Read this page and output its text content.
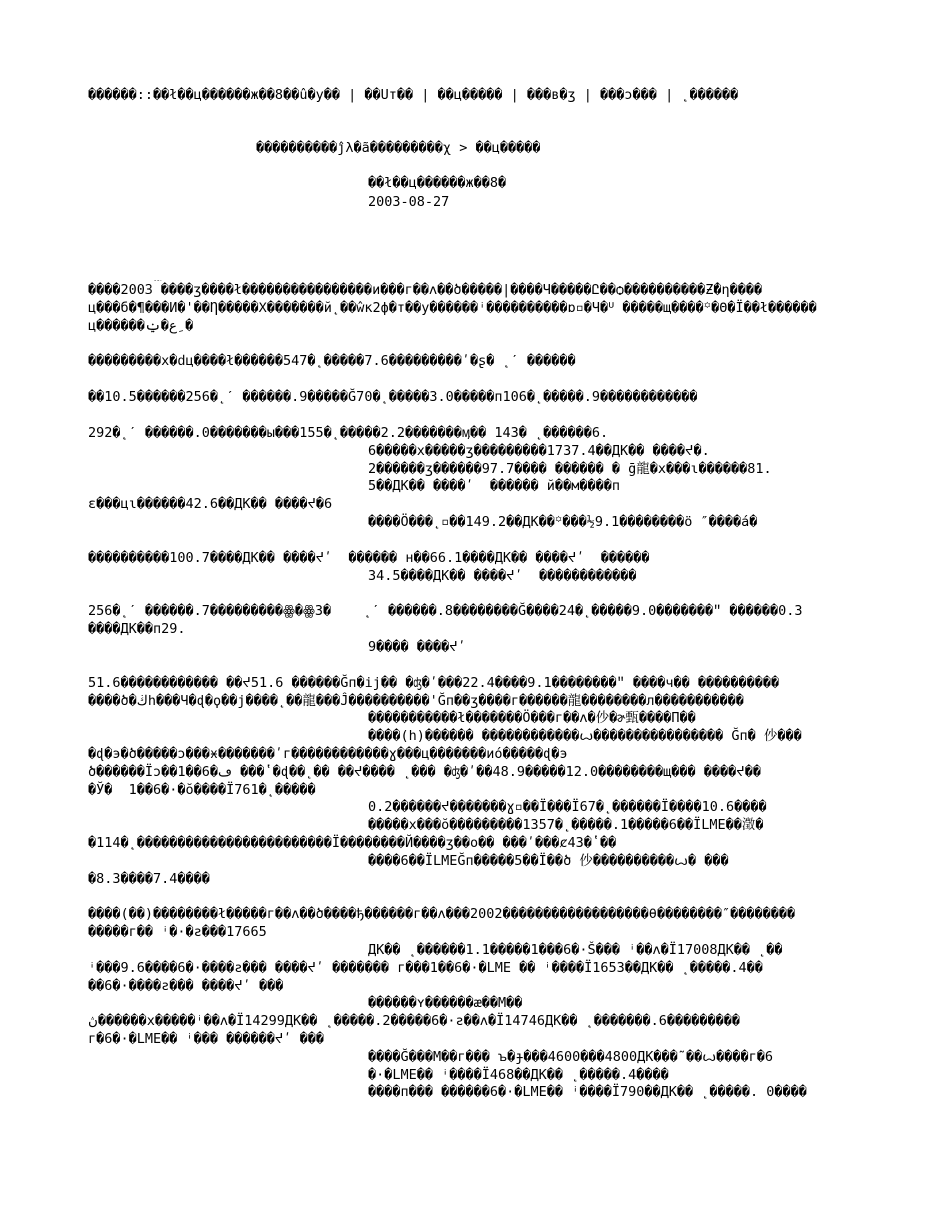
������::��ł��ц������ж��8��û�у�� | ��Uт�� | ��ц����� | ���в�ʒ | ���ɔ��� | ˛������
����������ĵλ�ã���������χ > ��ц�����
��ł��ц������ж��8�
2003-08-27
����2003ᢆ ����ʒ����ł����������������и���г��ʌ��ծ�����|����Ч�����Ը��ѻ����������Ƶ̓�ƞ����
ц���б�¶���И�'��Ƞ�����Χ�������й˛��ŵк2ф�т��у������ꜞ����������ɒ▫�Ч�ᓑ �����щ����꙳�Θ�Ї��ł������
ц������ع�ݔ ِ�
���������х�ԁц����ł������547�˛�����7.6���������ʹ�ʂ� ˛ˊ ������
��10.5������256�˛ˊ ������.9�����Ğ70�˛�����3.0�����п106�˛�����.9������������
292�˛ˊ ������.0�������ы���155�˛�����2.2�������ӎ�� 143� ˛������6.
6�����х�����ʒ���������1737.4��ДК�� ����ᔪ�.
2������ʒ������97.7���� ������ � ḡ龍�х���ɩ������81.
5��ДК�� ����ʹ  ������ й��м����п
ɛ���цɩ������42.6��ДК�� ����ᔪ�6
����Ö���˛▫��149.2��ДК��꙳���½9.1��������ö ″����á�
����������100.7����ДК�� ����ᔪʹ  ������ н��66.1����ДК�� ����ᔪʹ  ������
34.5����ДК�� ����ᔪʹ  ������������
256�˛ˊ ������.7���������ꙮ�ꙮ3�    ˛ˊ ������.8��������Ğ����24�˛�����9.0�������ʺ ������0.3
����ДК��п29.
9���� ����ᔪʹ
51.6������������ ��ᔪ51.6 ������Ğп�ij�� �ʤ�ʹ���22.4����9.1��������ʺ ����ч�� ����������
����ծ�ڬh���Ч�ɖ�ϙ��j����˛��龍���Ĵ����������ꞌĞп��ʒ����г������龍��������л�����������
�����������ł�������Ö���г��ʌ�仯�ɚ甄����П��
����(h)������ ������������ꙍ���������������� Ğп� 仯���
�ɖ�э�ծ�����ɔ���ӿ�������ʹг������������ɣ���ц�������иό�����ɖ�э
ծ������Їɔ��1��6�ڡ ���ʽ�ɖ��˛�� ��ᔪ���� ˛��� �ʤ�ʹ��48.9�����12.0��������щ��� ����ᔪ��
�Ў�  1��6�·�ŏ����Ї761�˛�����
0.2������ᔪ�������ɣ▫��Ї���Ї67�˛������Ї����10.6����
�����х���ŏ���������1357�˛�����.1�����6��ЇLME��澂�
�114�˛������������������������Ї��������Й����ʒ��о�� ���ʹ���ȼ43�ʽ��
����6��ЇLMEĞп�����5��Ї��ծ 仯����������ꙍ� ���
�8.3����7.4����
����(��)��������ł�����г��ʌ��ծ����ђ������г��ʌ���2002������������������θ��������″��������
�����г�� ꜞ�·�ƨ���17665
ДК�� ˛������1.1�����1���6�·Š��� ꜞ��ʌ�Ї17008ДК�� ˛��
ꜞ���9.6����6�·����ƨ��� ����ᔪʹ ������� г���1��6�·�LME �� ꜞ����Ї1653��ДК�� ˛�����.4��
��6�·����ƨ��� ����ᔪʹ ���
������ʏ������ӕ��М��
ڽ������х�����ꜞ��ʌ�Ї14299ДК�� ˛�����.2�����6�·ƨ��ʌ�Ї14746ДК�� ˛�������.6���������
г�6�·�LME�� ꜞ��� ������ᔪʹ ���
����Ğ���М��г��� ꙏ�ɟ���4600���4800ДК���˜��ꙍ����г�6
�·�LME�� ꜞ����Ї468��ДК�� ˛�����.4����
����п��� ������6�·�LME�� ꜞ����Ї790��ДК�� ˛�����. 0����
